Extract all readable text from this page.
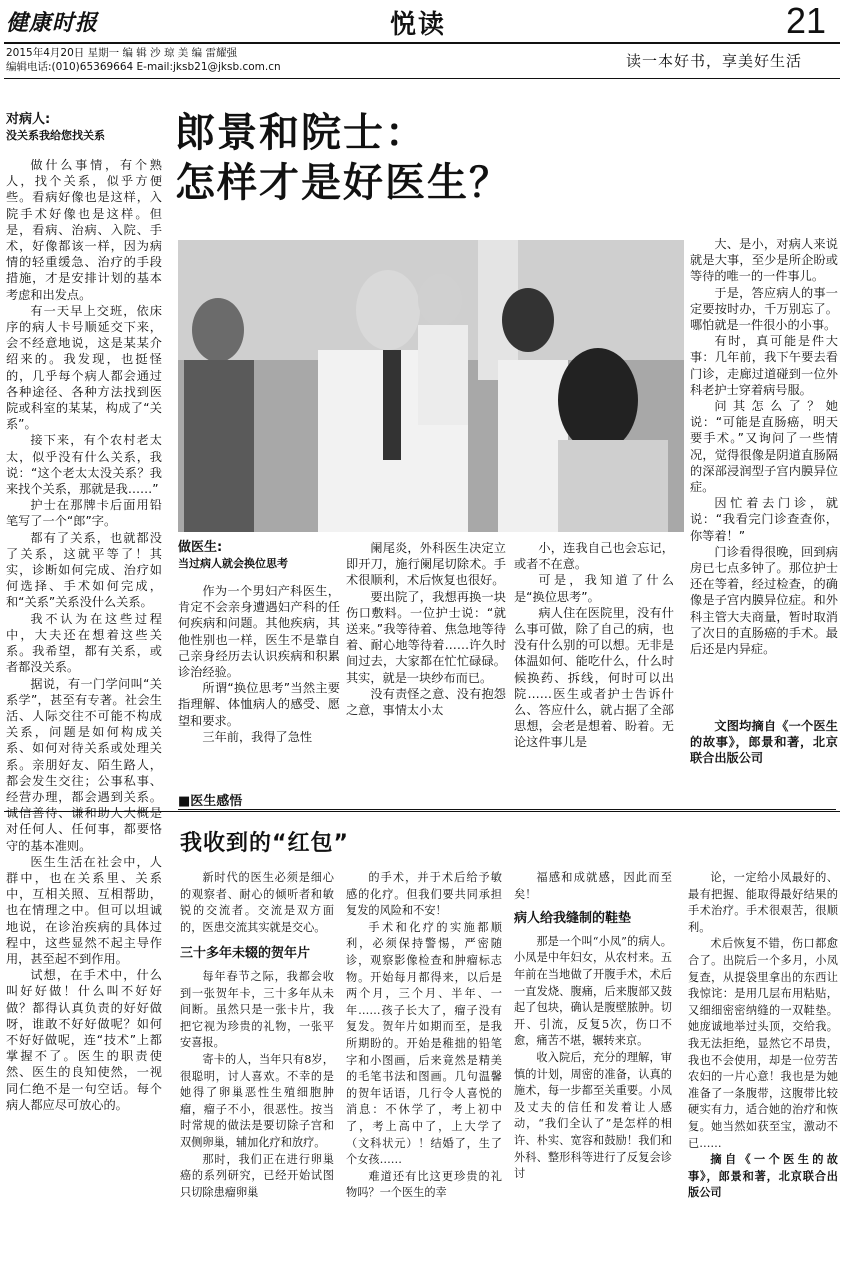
健康时报	悦读	21
2015年4月20日 星期一 编 辑 沙 琼 美 编 雷耀强
编辑电话:(010)65369664 E-mail:jksb21@jksb.com.cn	读一本好书，享美好生活
对病人:
没关系我给您找关系

做什么事情，有个熟人，找个关系，似乎方便些。看病好像也是这样，入院手术好像也是这样。但是，看病、治病、入院、手术，好像都该一样，因为病情的轻重缓急、治疗的手段措施，才是安排计划的基本考虑和出发点。

有一天早上交班，依床序的病人卡号顺延交下来，会不经意地说，这是某某介绍来的。我发现，也挺怪的，几乎每个病人都会通过各种途径、各种方法找到医院或科室的某某，构成了“关系”。

接下来，有个农村老太太，似乎没有什么关系，我说：“这个老太太没关系？我来找个关系，那就是我……”

护士在那牌卡后面用铅笔写了一个“郎”字。

都有了关系，也就都没了关系，这就平等了！其实，诊断如何完成、治疗如何选择、手术如何完成，和“关系”关系没什么关系。

我不认为在这些过程中，大夫还在想着这些关系。我希望，都有关系，或者都没关系。

据说，有一门学问叫“关系学”，甚至有专著。社会生活、人际交往不可能不构成关系，问题是如何构成关系、如何对待关系或处理关系。亲朋好友、陌生路人，都会发生交往；公事私事、经营办理，都会遇到关系。诚信善待、谦和助人大概是对任何人、任何事，都要恪守的基本准则。

医生生活在社会中，人群中，也在关系里、关系中，互相关照、互相帮助，也在情理之中。但可以坦诚地说，在诊治疾病的具体过程中，这些显然不起主导作用，甚至起不到作用。

试想，在手术中，什么叫好好做！什么叫不好好做？都得认真负责的好好做呀，谁敢不好好做呢？如何不好好做呢，连“技术”上都掌握不了。医生的职责使然、医生的良知使然，一视同仁绝不是一句空话。每个病人都应尽可放心的。

郎景和院士：
怎样才是好医生？

大、是小，对病人来说就是大事，至少是所企盼或等待的唯一的一件事儿。

于是，答应病人的事一定要按时办，千万别忘了。哪怕就是一件很小的小事。

有时，真可能是件大事：几年前，我下午要去看门诊，走廊过道碰到一位外科老护士穿着病号服。

问其怎么了？她说：“可能是直肠癌，明天要手术。”又询问了一些情况，觉得很像是阴道直肠隔的深部浸润型子宫内膜异位症。

因忙着去门诊，就说：“我看完门诊查查你，你等着！”

门诊看得很晚，回到病房已七点多钟了。那位护士还在等着，经过检查，的确像是子宫内膜异位症。和外科主管大夫商量，暂时取消了次日的直肠癌的手术。最后还是内异症。

文图均摘自《一个医生的故事》，郎景和著，北京联合出版公司
做医生:
当过病人就会换位思考

作为一个男妇产科医生，肯定不会亲身遭遇妇产科的任何疾病和问题。其他疾病，其他性别也一样，医生不是靠自己亲身经历去认识疾病和积累诊治经验。

所谓“换位思考”当然主要指理解、体恤病人的感受、愿望和要求。

三年前，我得了急性

阑尾炎，外科医生决定立即开刀，施行阑尾切除术。手术很顺利，术后恢复也很好。

要出院了，我想再换一块伤口敷料。一位护士说：“就送来。”我等待着、焦急地等待着、耐心地等待着……许久时间过去，大家都在忙忙碌碌。其实，就是一块纱布而已。

没有责怪之意、没有抱怨之意，事情太小太

小，连我自己也会忘记，或者不在意。

可是，我知道了什么是“换位思考”。

病人住在医院里，没有什么事可做，除了自己的病，也没有什么别的可以想。无非是体温如何、能吃什么，什么时候换药、拆线，何时可以出院……医生或者护士告诉什么、答应什么，就占据了全部思想，会老是想着、盼着。无论这件事儿是

■医生感悟
我收到的“红包”

新时代的医生必须是细心的观察者、耐心的倾听者和敏锐的交流者。交流是双方面的，医患交流其实就是交心。

三十多年未辍的贺年片

每年春节之际，我都会收到一张贺年卡，三十多年从未间断。虽然只是一张卡片，我把它视为珍贵的礼物，一张平安喜报。

寄卡的人，当年只有8岁，很聪明，讨人喜欢。不幸的是她得了卵巢恶性生殖细胞肿瘤，瘤子不小，很恶性。按当时常规的做法是要切除子宫和双侧卵巢，辅加化疗和放疗。

那时，我们正在进行卵巢癌的系列研究，已经开始试图只切除患瘤卵巢

的手术，并于术后给予敏感的化疗。但我们要共同承担复发的风险和不安！

手术和化疗的实施都顺利，必须保持警惕，严密随诊，观察影像检查和肿瘤标志物。开始每月都得来，以后是两个月，三个月、半年、一年……孩子长大了，瘤子没有复发。贺年片如期而至，是我所期盼的。开始是稚拙的铅笔字和小图画，后来竟然是精美的毛笔书法和图画。几句温馨的贺年话语，几行令人喜悦的消息：不休学了，考上初中了，考上高中了，上大学了（文科状元）！结婚了，生了个女孩……

难道还有比这更珍贵的礼物吗？一个医生的幸

福感和成就感，因此而至矣！

病人给我缝制的鞋垫

那是一个叫“小凤”的病人。小凤是中年妇女，从农村来。五年前在当地做了开腹手术，术后一直发烧、腹痛，后来腹部又鼓起了包块，确认是腹壁脓肿。切开、引流，反复5次，伤口不愈，痛苦不堪，辗转来京。

收入院后，充分的理解，审慎的计划，周密的准备，认真的施术，每一步都至关重要。小凤及丈夫的信任和发着让人感动，“我们全认了”是怎样的相许、朴实、宽容和鼓励！我们和外科、整形科等进行了反复会诊讨

论，一定给小凤最好的、最有把握、能取得最好结果的手术治疗。手术很艰苦，很顺利。

术后恢复不错，伤口都愈合了。出院后一个多月，小凤复查，从提袋里拿出的东西让我惊诧：是用几层布用粘贴，又细细密密纳缝的一双鞋垫。她庞诚地举过头顶，交给我。我无法拒绝，显然它不昂贵，我也不会使用，却是一位劳苦农妇的一片心意！我也是为她准备了一条腹带，这腹带比较硬实有力，适合她的治疗和恢复。她当然如获至宝，激动不已……

摘自《一个医生的故事》，郎景和著，北京联合出版公司
